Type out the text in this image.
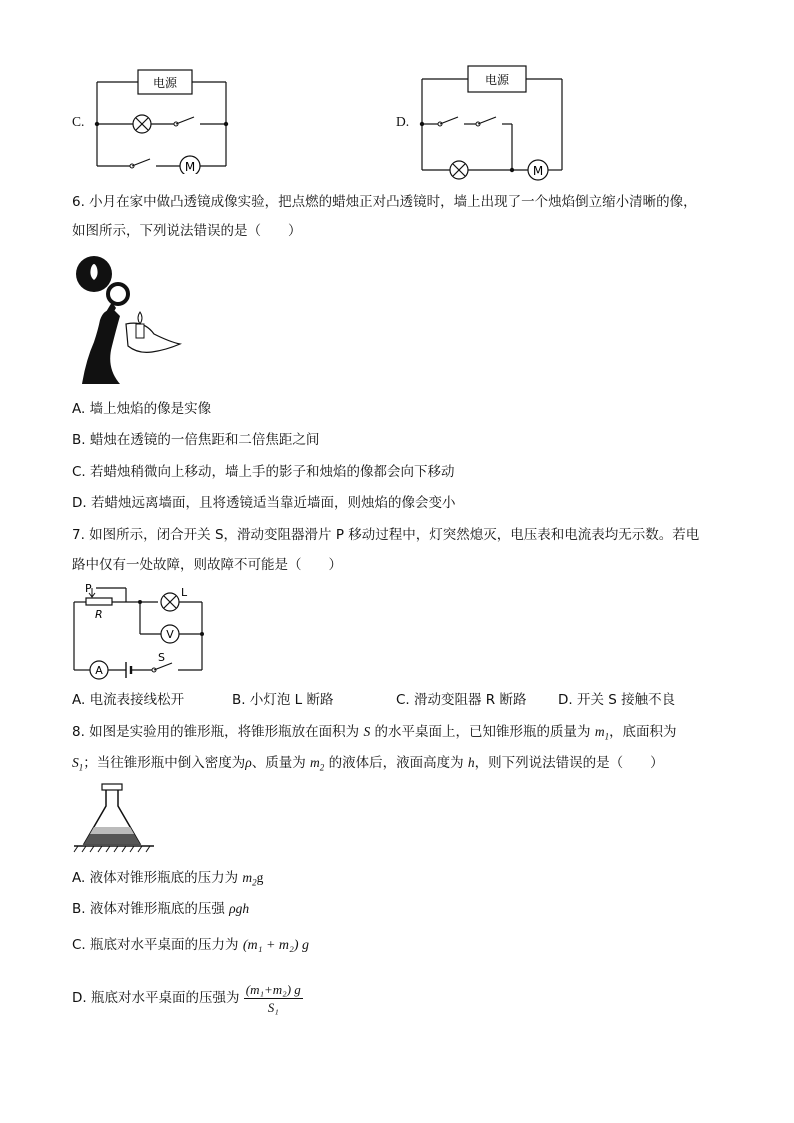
C.
电源
M
D.
电源
M
6. 小月在家中做凸透镜成像实验，把点燃的蜡烛正对凸透镜时，墙上出现了一个烛焰倒立缩小清晰的像，
如图所示，下列说法错误的是（　　）
A. 墙上烛焰的像是实像
B. 蜡烛在透镜的一倍焦距和二倍焦距之间
C. 若蜡烛稍微向上移动，墙上手的影子和烛焰的像都会向下移动
D. 若蜡烛远离墙面，且将透镜适当靠近墙面，则烛焰的像会变小
7. 如图所示，闭合开关 S，滑动变阻器滑片 P 移动过程中，灯突然熄灭，电压表和电流表均无示数。若电
路中仅有一处故障，则故障不可能是（　　）
P
R
L
V
A
S
A. 电流表接线松开	B. 小灯泡 L 断路	C. 滑动变阻器 R 断路 D. 开关 S 接触不良
8. 如图是实验用的锥形瓶，将锥形瓶放在面积为 S 的水平桌面上，已知锥形瓶的质量为 $m_1$，底面积为
$S_1$；当往锥形瓶中倒入密度为ρ、质量为 $m_2$ 的液体后，液面高度为 h，则下列说法错误的是（　　）
A. 液体对锥形瓶底的压力为 $m_2g$
B. 液体对锥形瓶底的压强 ρgh
C. 瓶底对水平桌面的压力为 (m₁ + m₂) g
D. 瓶底对水平桌面的压强为 $\frac{\text{(m₁+m₂) g}}{\text{S₁}}$
